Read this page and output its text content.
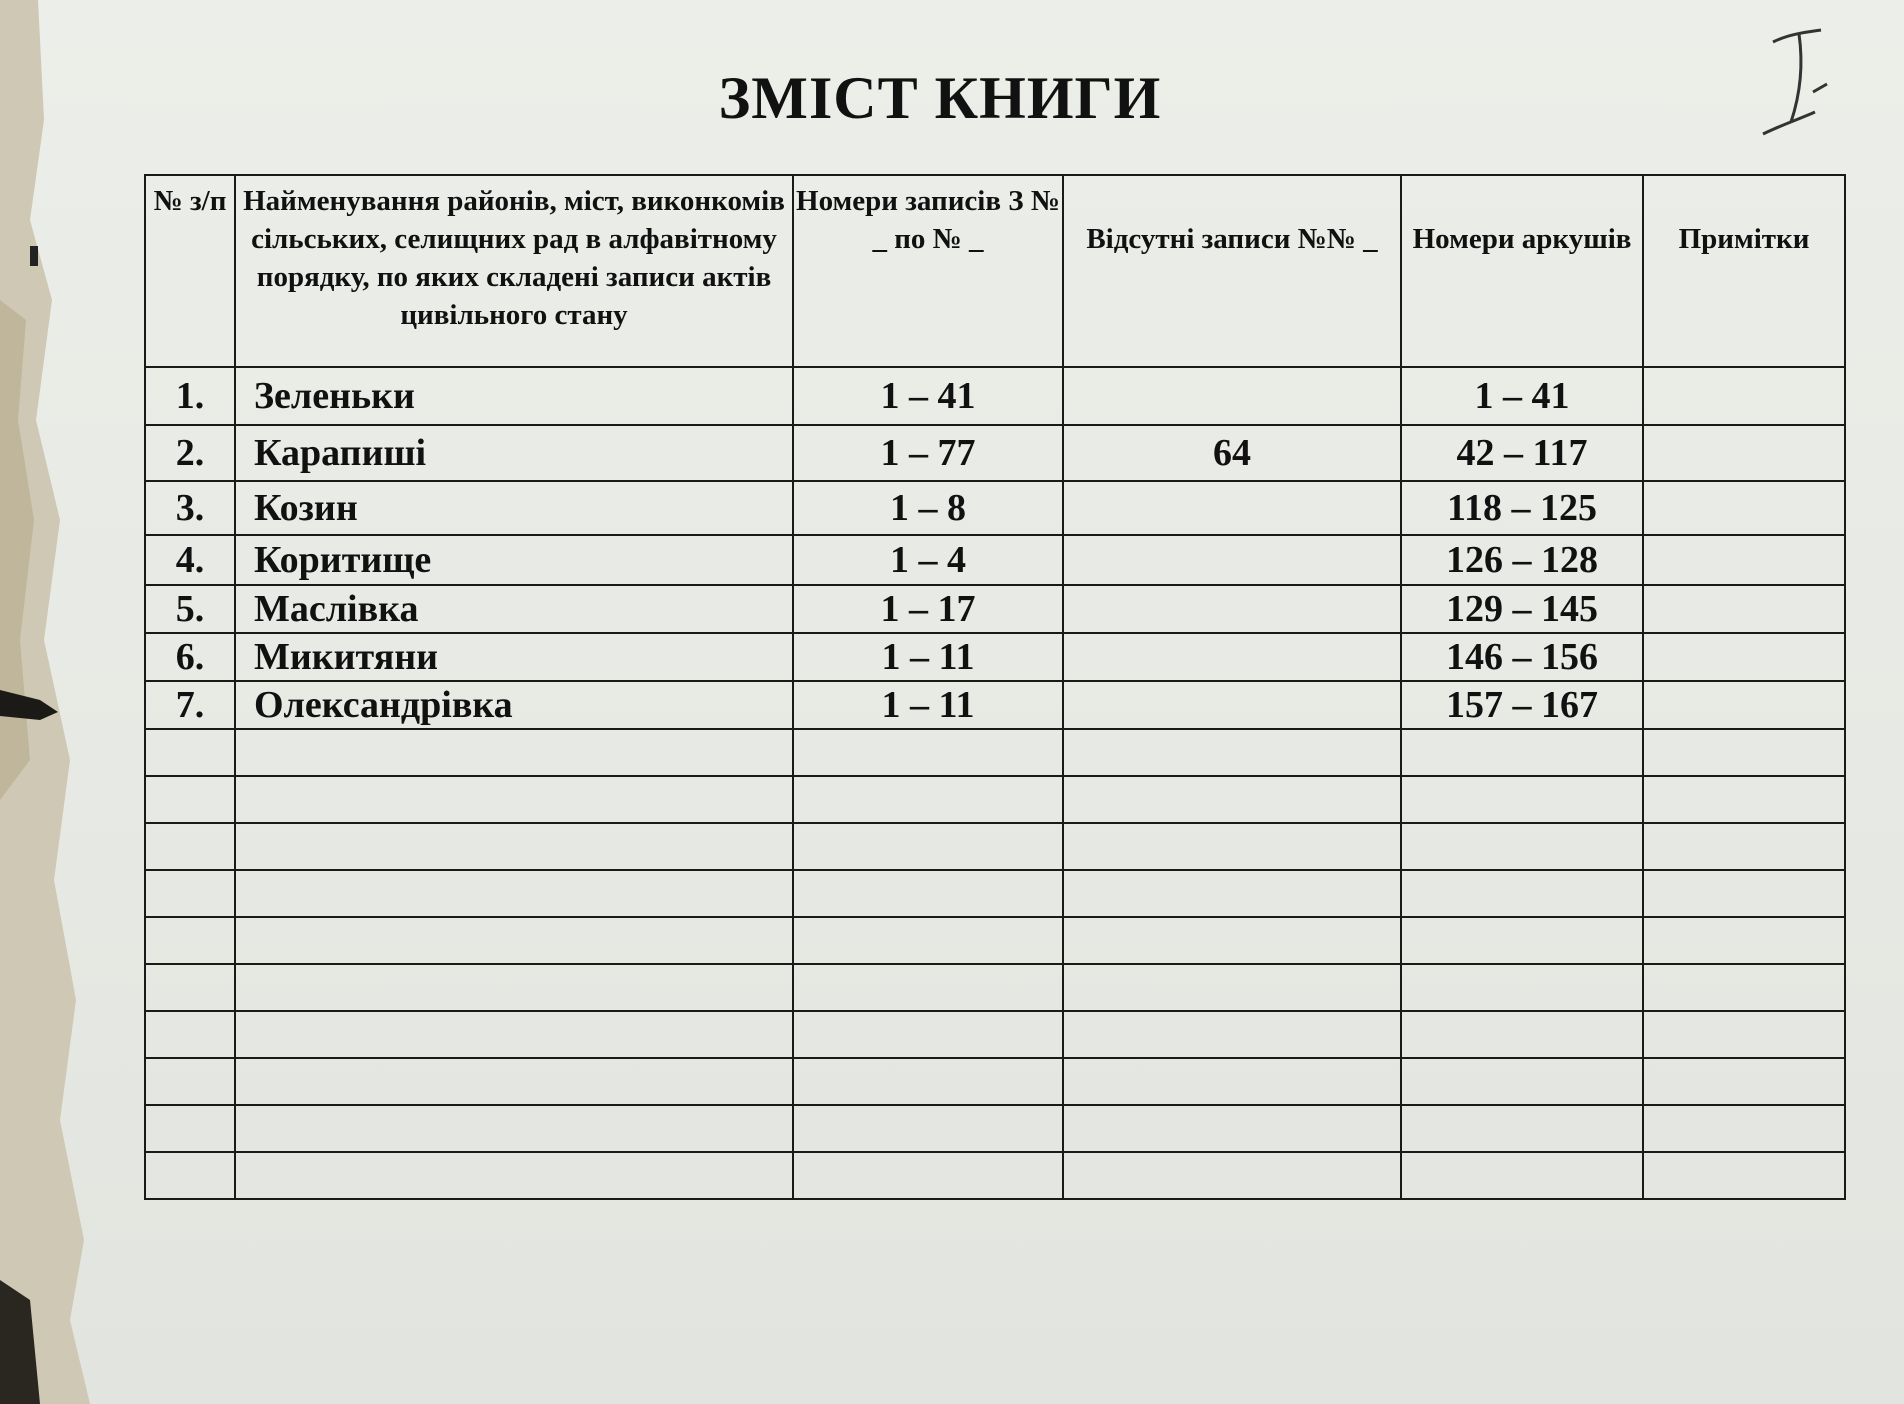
ЗМІСТ КНИГИ
№ з/п	Найменування районів, міст, виконкомів сільських, селищних рад в алфавітному порядку, по яких складені записи актів цивільного стану	Номери записів З № _ по № _	Відсутні записи №№ _	Номери аркушів	Примітки
1.	Зеленьки	1 – 41		1 – 41	
2.	Карапиші	1 – 77	64	42 – 117	
3.	Козин	1 – 8		118 – 125	
4.	Коритище	1 – 4		126 – 128	
5.	Маслівка	1 – 17		129 – 145	
6.	Микитяни	1 – 11		146 – 156	
7.	Олександрівка	1 – 11		157 – 167	
